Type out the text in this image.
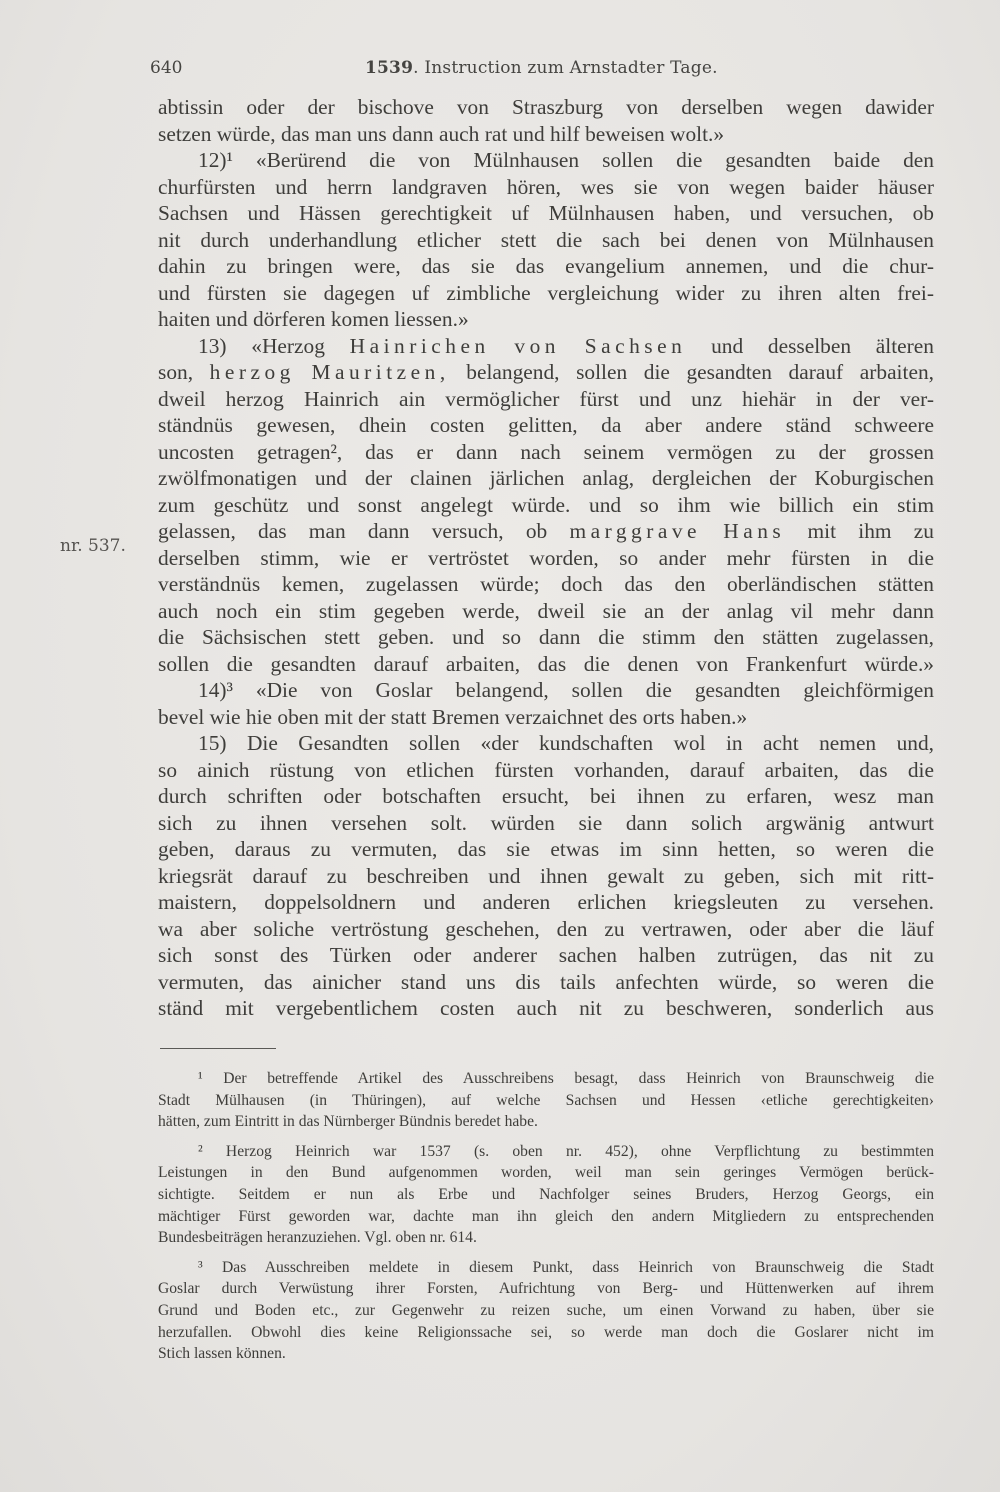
640	1539. Instruction zum Arnstadter Tage.
nr. 537.
abtissin oder der bischove von Straszburg von derselben wegen dawider
setzen würde, das man uns dann auch rat und hilf beweisen wolt.»
12)¹ «Berürend die von Mülnhausen sollen die gesandten baide den
churfürsten und herrn landgraven hören, wes sie von wegen baider häuser
Sachsen und Hässen gerechtigkeit uf Mülnhausen haben, und versuchen, ob
nit durch underhandlung etlicher stett die sach bei denen von Mülnhausen
dahin zu bringen were, das sie das evangelium annemen, und die chur-
und fürsten sie dagegen uf zimbliche vergleichung wider zu ihren alten frei-
haiten und dörferen komen liessen.»
13) «Herzog Hainrichen von Sachsen und desselben älteren
son, herzog Mauritzen, belangend, sollen die gesandten darauf arbaiten,
dweil herzog Hainrich ain vermöglicher fürst und unz hiehär in der ver-
ständnüs gewesen, dhein costen gelitten, da aber andere ständ schweere
uncosten getragen², das er dann nach seinem vermögen zu der grossen
zwölfmonatigen und der clainen järlichen anlag, dergleichen der Koburgischen
zum geschütz und sonst angelegt würde. und so ihm wie billich ein stim
gelassen, das man dann versuch, ob marggrave Hans mit ihm zu
derselben stimm, wie er vertröstet worden, so ander mehr fürsten in die
verständnüs kemen, zugelassen würde; doch das den oberländischen stätten
auch noch ein stim gegeben werde, dweil sie an der anlag vil mehr dann
die Sächsischen stett geben. und so dann die stimm den stätten zugelassen,
sollen die gesandten darauf arbaiten, das die denen von Frankenfurt würde.»
14)³ «Die von Goslar belangend, sollen die gesandten gleichförmigen
bevel wie hie oben mit der statt Bremen verzaichnet des orts haben.»
15) Die Gesandten sollen «der kundschaften wol in acht nemen und,
so ainich rüstung von etlichen fürsten vorhanden, darauf arbaiten, das die
durch schriften oder botschaften ersucht, bei ihnen zu erfaren, wesz man
sich zu ihnen versehen solt. würden sie dann solich argwänig antwurt
geben, daraus zu vermuten, das sie etwas im sinn hetten, so weren die
kriegsrät darauf zu beschreiben und ihnen gewalt zu geben, sich mit ritt-
maistern, doppelsoldnern und anderen erlichen kriegsleuten zu versehen.
wa aber soliche vertröstung geschehen, den zu vertrawen, oder aber die läuf
sich sonst des Türken oder anderer sachen halben zutrügen, das nit zu
vermuten, das ainicher stand uns dis tails anfechten würde, so weren die
ständ mit vergebentlichem costen auch nit zu beschweren, sonderlich aus
¹ Der betreffende Artikel des Ausschreibens besagt, dass Heinrich von Braunschweig die
Stadt Mülhausen (in Thüringen), auf welche Sachsen und Hessen ‹etliche gerechtigkeiten›
hätten, zum Eintritt in das Nürnberger Bündnis beredet habe.
² Herzog Heinrich war 1537 (s. oben nr. 452), ohne Verpflichtung zu bestimmten
Leistungen in den Bund aufgenommen worden, weil man sein geringes Vermögen berück-
sichtigte. Seitdem er nun als Erbe und Nachfolger seines Bruders, Herzog Georgs, ein
mächtiger Fürst geworden war, dachte man ihn gleich den andern Mitgliedern zu entsprechenden
Bundesbeiträgen heranzuziehen. Vgl. oben nr. 614.
³ Das Ausschreiben meldete in diesem Punkt, dass Heinrich von Braunschweig die Stadt
Goslar durch Verwüstung ihrer Forsten, Aufrichtung von Berg- und Hüttenwerken auf ihrem
Grund und Boden etc., zur Gegenwehr zu reizen suche, um einen Vorwand zu haben, über sie
herzufallen. Obwohl dies keine Religionssache sei, so werde man doch die Goslarer nicht im
Stich lassen können.
